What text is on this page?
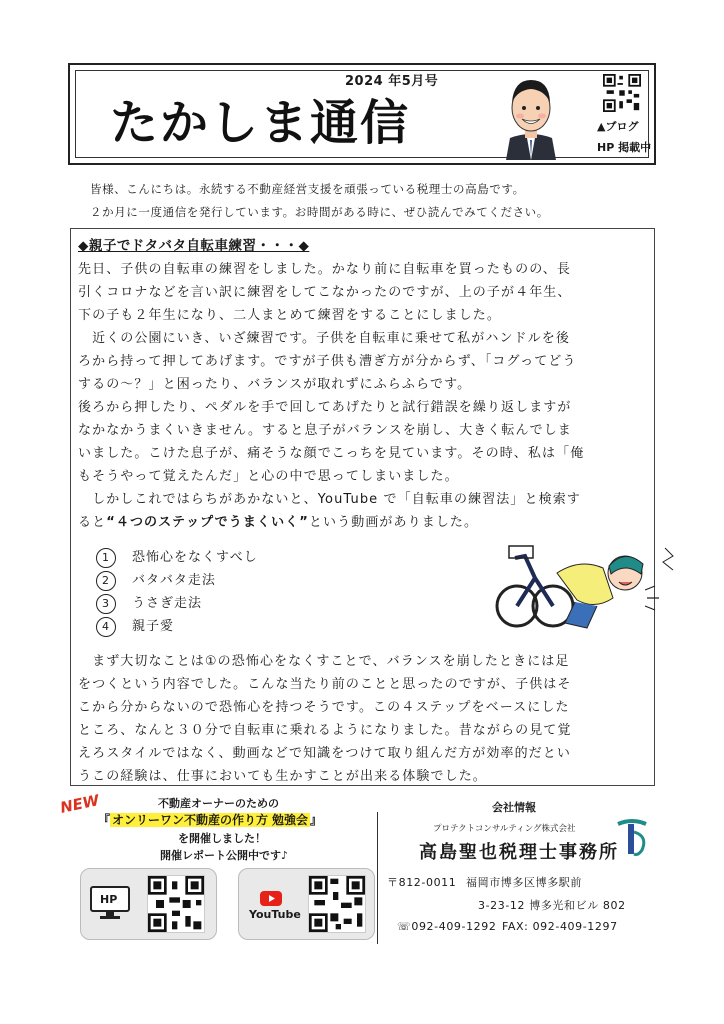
2024 年5月号
たかしま通信	▲ブログ
HP 掲載中
皆様、こんにちは。永続する不動産経営支援を頑張っている税理士の高島です。
２か月に一度通信を発行しています。お時間がある時に、ぜひ読んでみてください。
◆親子でドタバタ自転車練習・・・◆
先日、子供の自転車の練習をしました。かなり前に自転車を買ったものの、長
引くコロナなどを言い訳に練習をしてこなかったのですが、上の子が４年生、
下の子も２年生になり、二人まとめて練習をすることにしました。
　近くの公園にいき、いざ練習です。子供を自転車に乗せて私がハンドルを後
ろから持って押してあげます。ですが子供も漕ぎ方が分からず、「コグってどう
するの～？」と困ったり、バランスが取れずにふらふらです。
後ろから押したり、ペダルを手で回してあげたりと試行錯誤を繰り返しますが
なかなかうまくいきません。すると息子がバランスを崩し、大きく転んでしま
いました。こけた息子が、痛そうな顔でこっちを見ています。その時、私は「俺
もそうやって覚えたんだ」と心の中で思ってしまいました。
　しかしこれではらちがあかないと、YouTube で「自転車の練習法」と検索す
ると“４つのステップでうまくいく”という動画がありました。
1 恐怖心をなくすべし
2 バタバタ走法
3 うさぎ走法
4 親子愛
　まず大切なことは①の恐怖心をなくすことで、バランスを崩したときには足
をつくという内容でした。こんな当たり前のことと思ったのですが、子供はそ
こから分からないので恐怖心を持つそうです。この４ステップをベースにした
ところ、なんと３０分で自転車に乗れるようになりました。昔ながらの見て覚
えろスタイルではなく、動画などで知識をつけて取り組んだ方が効率的だとい
うこの経験は、仕事においても生かすことが出来る体験でした。
NEW	不動産オーナーのための
『 オンリーワン不動産の作り方 勉強会 』
を開催しました！
開催レポート公開中です♪
HP
YouTube
会社情報
プロテクトコンサルティング株式会社
高島聖也税理士事務所
〒812-0011 福岡市博多区博多駅前
3-23-12 博多光和ビル 802
☏092-409-1292 FAX: 092-409-1297
